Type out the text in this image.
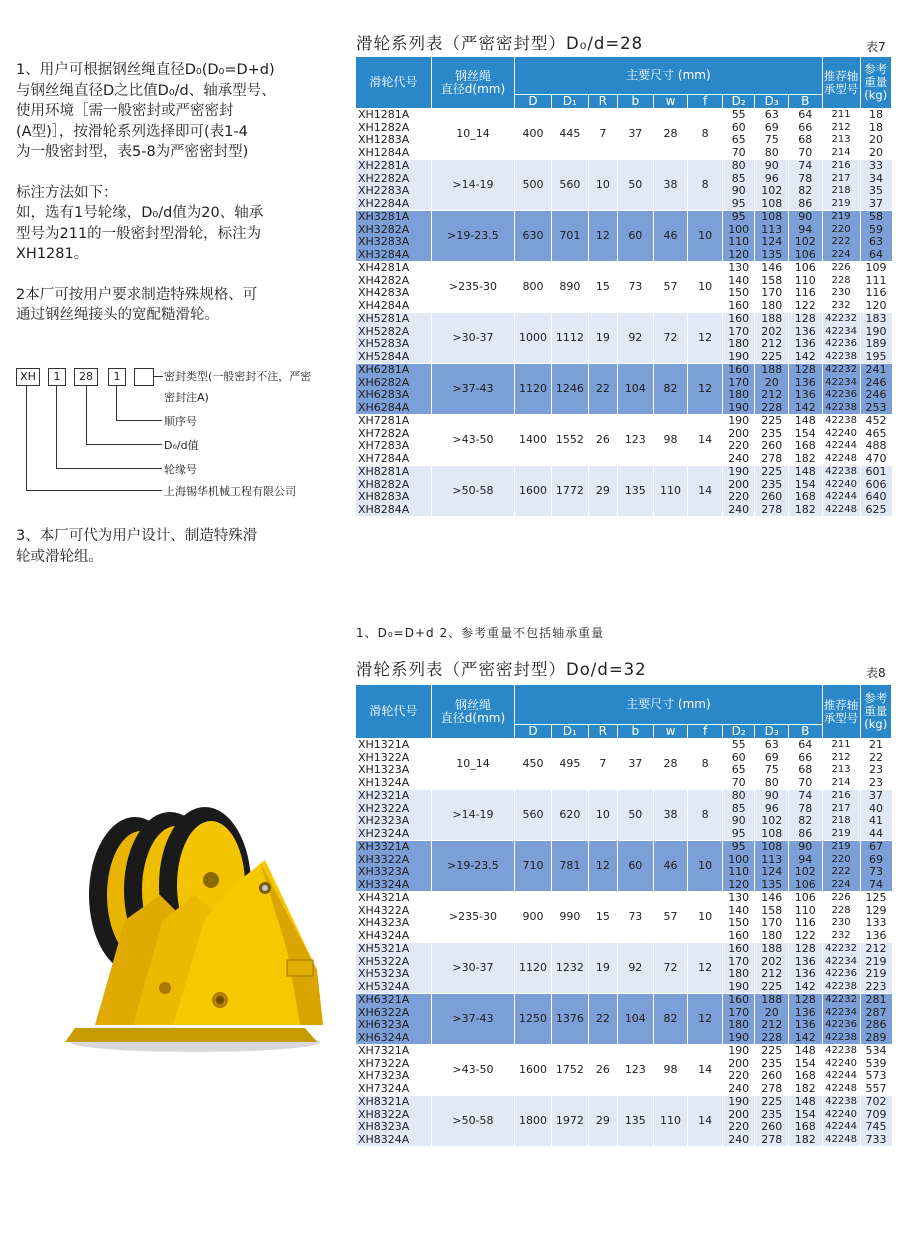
1、用户可根据钢丝绳直径D₀(D₀=D+d)
与钢丝绳直径D之比值D₀/d、轴承型号、
使用环境［需一般密封或严密密封
(A型)］，按滑轮系列选择即可(表1-4
为一般密封型，表5-8为严密密封型)

标注方法如下：
如，选有1号轮缘，D₀/d值为20、轴承
型号为211的一般密封型滑轮，标注为
XH1281。

2本厂可按用户要求制造特殊规格、可
通过钢丝绳接头的宽配糙滑轮。

XH	1	28	1	密封类型(一般密封不注，严密
密封注A)
顺序号
D₀/d值
轮缘号
上海锡华机械工程有限公司

3、本厂可代为用户设计、制造特殊滑
轮或滑轮组。

滑轮系列表（严密密封型）D₀/d=28	表7
滑轮代号	钢丝绳
直径d(mm)	主要尺寸 (mm)									推荐轴承型号	参考重量(kg)
		D	D₁	R	b	w	f	D₂	D₃	B		
XH1281A	10_14	400	445	7	37	28	8	55	63	64	211	18
XH1282A								60	69	66	212	18
XH1283A								65	75	68	213	20
XH1284A								70	80	70	214	20
XH2281A	>14-19	500	560	10	50	38	8	80	90	74	216	33
XH2282A								85	96	78	217	34
XH2283A								90	102	82	218	35
XH2284A								95	108	86	219	37
XH3281A	>19-23.5	630	701	12	60	46	10	95	108	90	219	58
XH3282A								100	113	94	220	59
XH3283A								110	124	102	222	63
XH3284A								120	135	106	224	64
XH4281A	>235-30	800	890	15	73	57	10	130	146	106	226	109
XH4282A								140	158	110	228	111
XH4283A								150	170	116	230	116
XH4284A								160	180	122	232	120
XH5281A	>30-37	1000	1112	19	92	72	12	160	188	128	42232	183
XH5282A								170	202	136	42234	190
XH5283A								180	212	136	42236	189
XH5284A								190	225	142	42238	195
XH6281A	>37-43	1120	1246	22	104	82	12	160	188	128	42232	241
XH6282A								170	20	136	42234	246
XH6283A								180	212	136	42236	246
XH6284A								190	228	142	42238	253
XH7281A	>43-50	1400	1552	26	123	98	14	190	225	148	42238	452
XH7282A								200	235	154	42240	465
XH7283A								220	260	168	42244	488
XH7284A								240	278	182	42248	470
XH8281A	>50-58	1600	1772	29	135	110	14	190	225	148	42238	601
XH8282A								200	235	154	42240	606
XH8283A								220	260	168	42244	640
XH8284A								240	278	182	42248	625
1、D₀=D+d 2、参考重量不包括轴承重量
滑轮系列表（严密密封型）Do/d=32	表8
滑轮代号	钢丝绳
直径d(mm)	主要尺寸 (mm)									推荐轴承型号	参考重量(kg)
		D	D₁	R	b	w	f	D₂	D₃	B		
XH1321A	10_14	450	495	7	37	28	8	55	63	64	211	21
XH1322A								60	69	66	212	22
XH1323A								65	75	68	213	23
XH1324A								70	80	70	214	23
XH2321A	>14-19	560	620	10	50	38	8	80	90	74	216	37
XH2322A								85	96	78	217	40
XH2323A								90	102	82	218	41
XH2324A								95	108	86	219	44
XH3321A	>19-23.5	710	781	12	60	46	10	95	108	90	219	67
XH3322A								100	113	94	220	69
XH3323A								110	124	102	222	73
XH3324A								120	135	106	224	74
XH4321A	>235-30	900	990	15	73	57	10	130	146	106	226	125
XH4322A								140	158	110	228	129
XH4323A								150	170	116	230	133
XH4324A								160	180	122	232	136
XH5321A	>30-37	1120	1232	19	92	72	12	160	188	128	42232	212
XH5322A								170	202	136	42234	219
XH5323A								180	212	136	42236	219
XH5324A								190	225	142	42238	223
XH6321A	>37-43	1250	1376	22	104	82	12	160	188	128	42232	281
XH6322A								170	20	136	42234	287
XH6323A								180	212	136	42236	286
XH6324A								190	228	142	42238	289
XH7321A	>43-50	1600	1752	26	123	98	14	190	225	148	42238	534
XH7322A								200	235	154	42240	539
XH7323A								220	260	168	42244	573
XH7324A								240	278	182	42248	557
XH8321A	>50-58	1800	1972	29	135	110	14	190	225	148	42238	702
XH8322A								200	235	154	42240	709
XH8323A								220	260	168	42244	745
XH8324A								240	278	182	42248	733
